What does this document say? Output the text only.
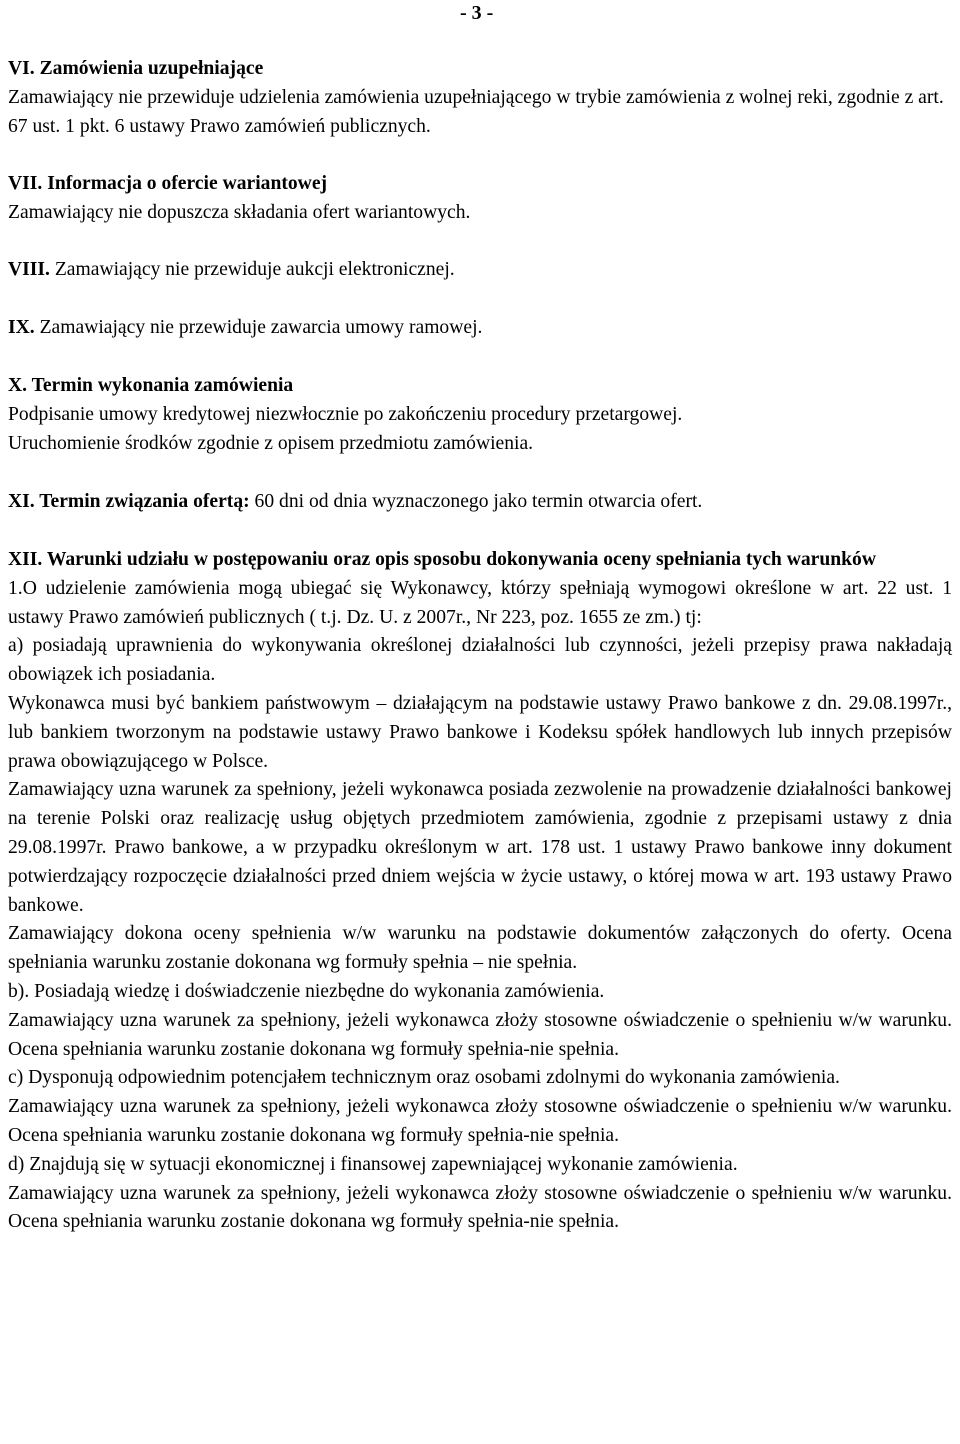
- 3 -

VI. Zamówienia uzupełniające

Zamawiający nie przewiduje udzielenia zamówienia uzupełniającego w trybie zamówienia z wolnej reki, zgodnie z art. 67 ust. 1 pkt. 6 ustawy Prawo zamówień publicznych.

VII. Informacja o ofercie wariantowej

Zamawiający nie dopuszcza składania ofert wariantowych.

VIII. Zamawiający nie przewiduje aukcji elektronicznej.

IX. Zamawiający nie przewiduje zawarcia umowy ramowej.

X. Termin wykonania zamówienia

Podpisanie umowy kredytowej niezwłocznie po zakończeniu procedury przetargowej.

Uruchomienie środków zgodnie z opisem przedmiotu zamówienia.

XI. Termin związania ofertą: 60 dni od dnia wyznaczonego jako termin otwarcia ofert.

XII. Warunki udziału w postępowaniu oraz opis sposobu dokonywania oceny spełniania tych warunków

1.O udzielenie zamówienia mogą ubiegać się Wykonawcy, którzy spełniają wymogowi określone w art. 22 ust. 1 ustawy Prawo zamówień publicznych ( t.j. Dz. U. z 2007r., Nr 223, poz. 1655 ze zm.) tj:

a) posiadają uprawnienia do wykonywania określonej działalności lub czynności, jeżeli przepisy prawa nakładają obowiązek ich posiadania.

Wykonawca musi być bankiem państwowym – działającym na podstawie ustawy Prawo bankowe z dn. 29.08.1997r., lub bankiem tworzonym na podstawie ustawy Prawo bankowe i Kodeksu spółek handlowych lub innych przepisów prawa obowiązującego w Polsce.

Zamawiający uzna warunek za spełniony, jeżeli wykonawca posiada zezwolenie na prowadzenie działalności bankowej na terenie Polski oraz realizację usług objętych przedmiotem zamówienia, zgodnie z przepisami ustawy z dnia 29.08.1997r. Prawo bankowe, a w przypadku określonym w art. 178 ust. 1 ustawy Prawo bankowe inny dokument potwierdzający rozpoczęcie działalności przed dniem wejścia w życie ustawy, o której mowa w art. 193 ustawy Prawo bankowe.

Zamawiający dokona oceny spełnienia w/w warunku na podstawie dokumentów załączonych do oferty. Ocena spełniania warunku zostanie dokonana wg formuły spełnia – nie spełnia.

b). Posiadają wiedzę i doświadczenie niezbędne do wykonania zamówienia.

Zamawiający uzna warunek za spełniony, jeżeli wykonawca złoży stosowne oświadczenie o spełnieniu w/w warunku. Ocena spełniania warunku zostanie dokonana wg formuły spełnia-nie spełnia.

c) Dysponują odpowiednim potencjałem technicznym oraz osobami zdolnymi do wykonania zamówienia.

Zamawiający uzna warunek za spełniony, jeżeli wykonawca złoży stosowne oświadczenie o spełnieniu w/w warunku. Ocena spełniania warunku zostanie dokonana wg formuły spełnia-nie spełnia.

d) Znajdują się w sytuacji ekonomicznej i finansowej zapewniającej wykonanie zamówienia.

Zamawiający uzna warunek za spełniony, jeżeli wykonawca złoży stosowne oświadczenie o spełnieniu w/w warunku. Ocena spełniania warunku zostanie dokonana wg formuły spełnia-nie spełnia.
